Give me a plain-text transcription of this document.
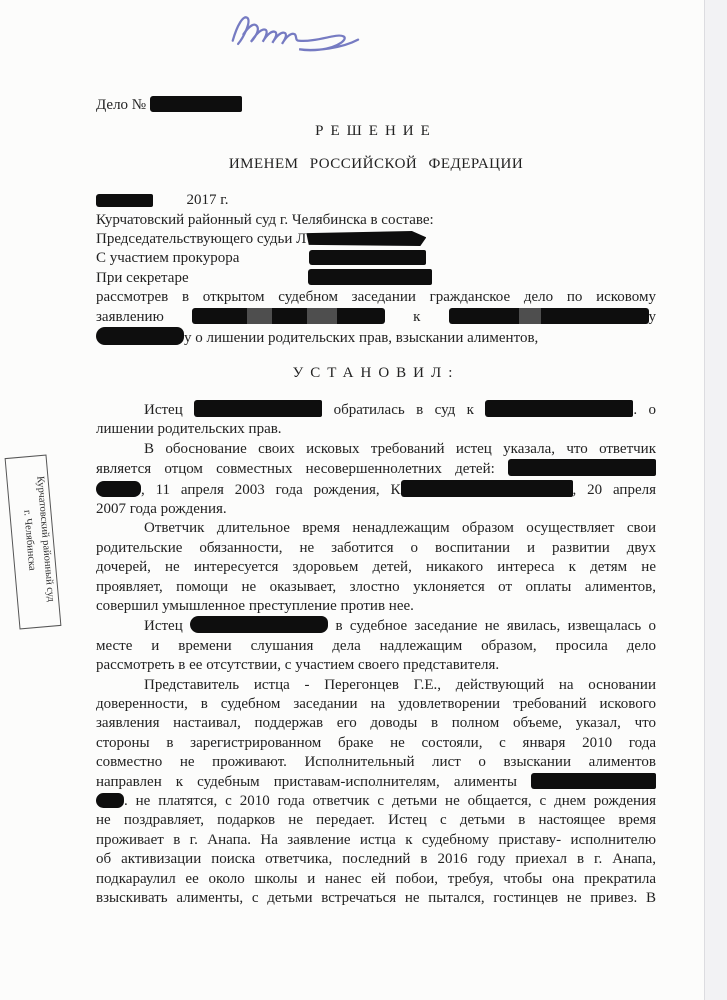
Курчатовский районный суд
г. Челябинска
Дело №
РЕШЕНИЕ
ИМЕНЕМ РОССИЙСКОЙ ФЕДЕРАЦИИ
2017 г.
Курчатовский районный суд г. Челябинска в составе:
Председательствующего судьи Л
С участием прокурора
При секретаре
рассмотрев в открытом судебном заседании гражданское дело по исковому
заявлению	к	у
у о лишении родительских прав, взыскании алиментов,
УСТАНОВИЛ:
Истец	обратилась в суд к	. о
лишении родительских прав.
В обоснование своих исковых требований истец указала, что ответчик
является отцом совместных несовершеннолетних детей:
, 11 апреля 2003 года рождения, К	, 20 апреля
2007 года рождения.
Ответчик длительное время ненадлежащим образом осуществляет свои
родительские обязанности, не заботится о воспитании и развитии двух
дочерей, не интересуется здоровьем детей, никакого интереса к детям не
проявляет, помощи не оказывает, злостно уклоняется от оплаты алиментов,
совершил умышленное преступление против нее.
Истец	в судебное заседание не явилась, извещалась о
месте и времени слушания дела надлежащим образом, просила дело
рассмотреть в ее отсутствии, с участием своего представителя.
Представитель истца - Перегонцев Г.Е., действующий на основании
доверенности, в судебном заседании на удовлетворении требований искового
заявления настаивал, поддержав его доводы в полном объеме, указал, что
стороны в зарегистрированном браке не состояли, с января 2010 года
совместно не проживают. Исполнительный лист о взыскании алиментов
направлен к судебным приставам-исполнителям, алименты
. не платятся, с 2010 года ответчик с детьми не общается, с днем рождения
не поздравляет, подарков не передает. Истец с детьми в настоящее время
проживает в г. Анапа. На заявление истца к судебному приставу- исполнителю
об активизации поиска ответчика, последний в 2016 году приехал в г. Анапа,
подкараулил ее около школы и нанес ей побои, требуя, чтобы она прекратила
взыскивать алименты, с детьми встречаться не пытался, гостинцев не привез. В
